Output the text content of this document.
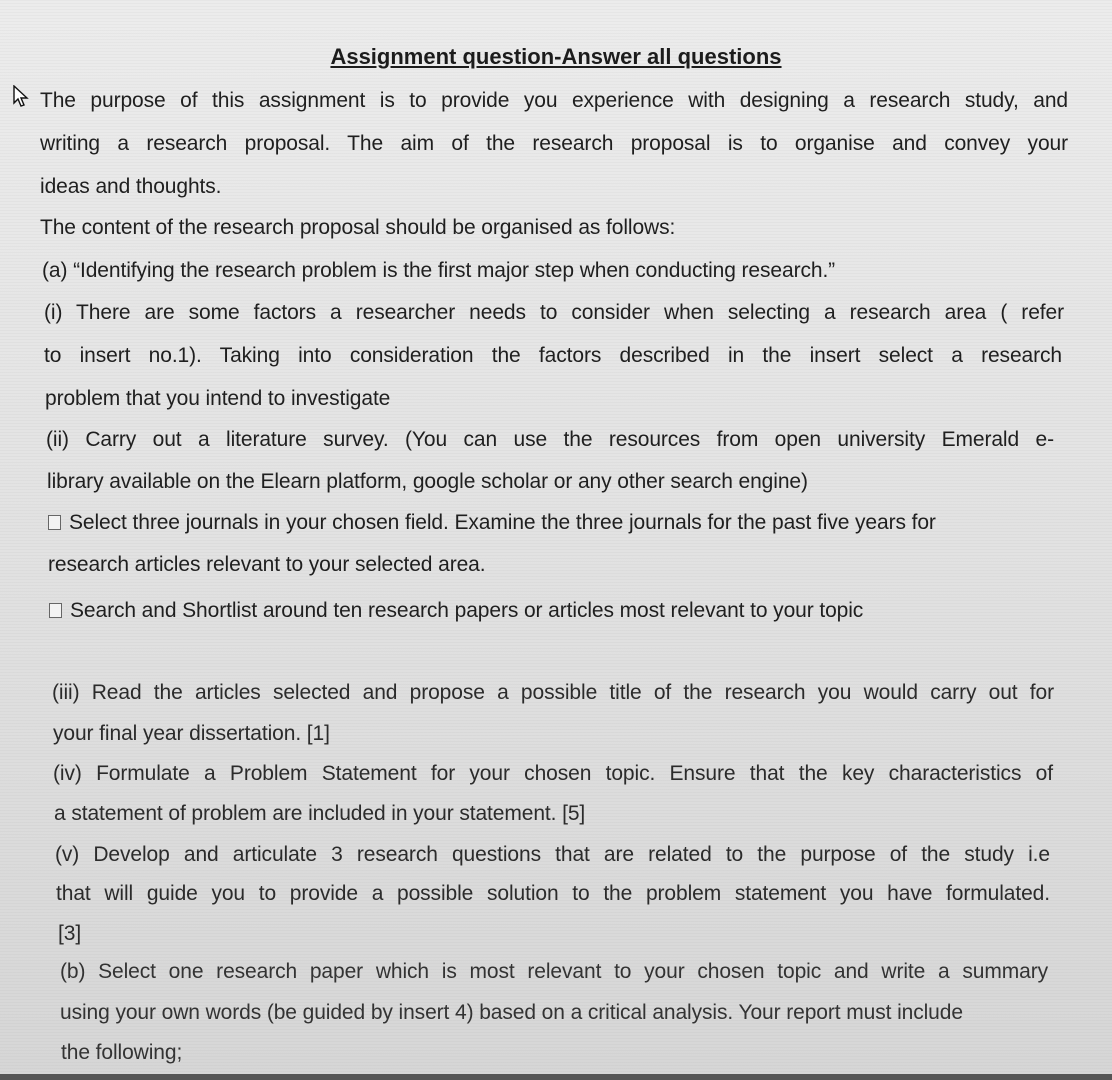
Assignment question-Answer all questions
The purpose of this assignment is to provide you experience with designing a research study, and
writing a research proposal. The aim of the research proposal is to organise and convey your
ideas and thoughts.
The content of the research proposal should be organised as follows:
(a) “Identifying the research problem is the first major step when conducting research.”
(i) There are some factors a researcher needs to consider when selecting a research area ( refer
to insert no.1). Taking into consideration the factors described in the insert select a research
problem that you intend to investigate
(ii) Carry out a literature survey. (You can use the resources from open university Emerald e-
library available on the Elearn platform, google scholar or any other search engine)
Select three journals in your chosen field. Examine the three journals for the past five years for
research articles relevant to your selected area.
Search and Shortlist around ten research papers or articles most relevant to your topic
(iii) Read the articles selected and propose a possible title of the research you would carry out for
your final year dissertation. [1]
(iv) Formulate a Problem Statement for your chosen topic. Ensure that the key characteristics of
a statement of problem are included in your statement. [5]
(v) Develop and articulate 3 research questions that are related to the purpose of the study i.e
that will guide you to provide a possible solution to the problem statement you have formulated.
[3]
(b) Select one research paper which is most relevant to your chosen topic and write a summary
using your own words (be guided by insert 4) based on a critical analysis. Your report must include
the following;
